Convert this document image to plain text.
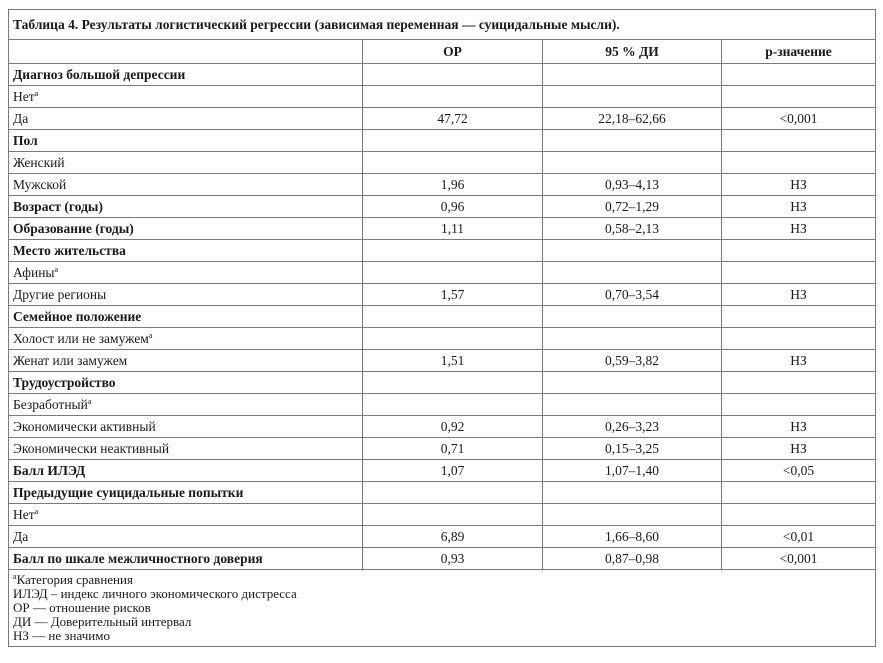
Таблица 4. Результаты логистический регрессии (зависимая переменная — суицидальные мысли).			
	ОР	95 % ДИ	p-значение
Диагноз большой депрессии			
Нет$^a$			
Да	47,72	22,18–62,66	<0,001
Пол			
Женский			
Мужской	1,96	0,93–4,13	НЗ
Возраст (годы)	0,96	0,72–1,29	НЗ
Образование (годы)	1,11	0,58–2,13	НЗ
Место жительства			
Афины$^a$			
Другие регионы	1,57	0,70–3,54	НЗ
Семейное положение			
Холост или не замужем$^a$			
Женат или замужем	1,51	0,59–3,82	НЗ
Трудоустройство			
Безработный$^a$			
Экономически активный	0,92	0,26–3,23	НЗ
Экономически неактивный	0,71	0,15–3,25	НЗ
Балл ИЛЭД	1,07	1,07–1,40	<0,05
Предыдущие суицидальные попытки			
Нет$^a$			
Да	6,89	1,66–8,60	<0,01
Балл по шкале межличностного доверия	0,93	0,87–0,98	<0,001

$^a$Категория сравнения
ИЛЭД – индекс личного экономического дистресса
ОР — отношение рисков
ДИ — Доверительный интервал
НЗ — не значимо			
